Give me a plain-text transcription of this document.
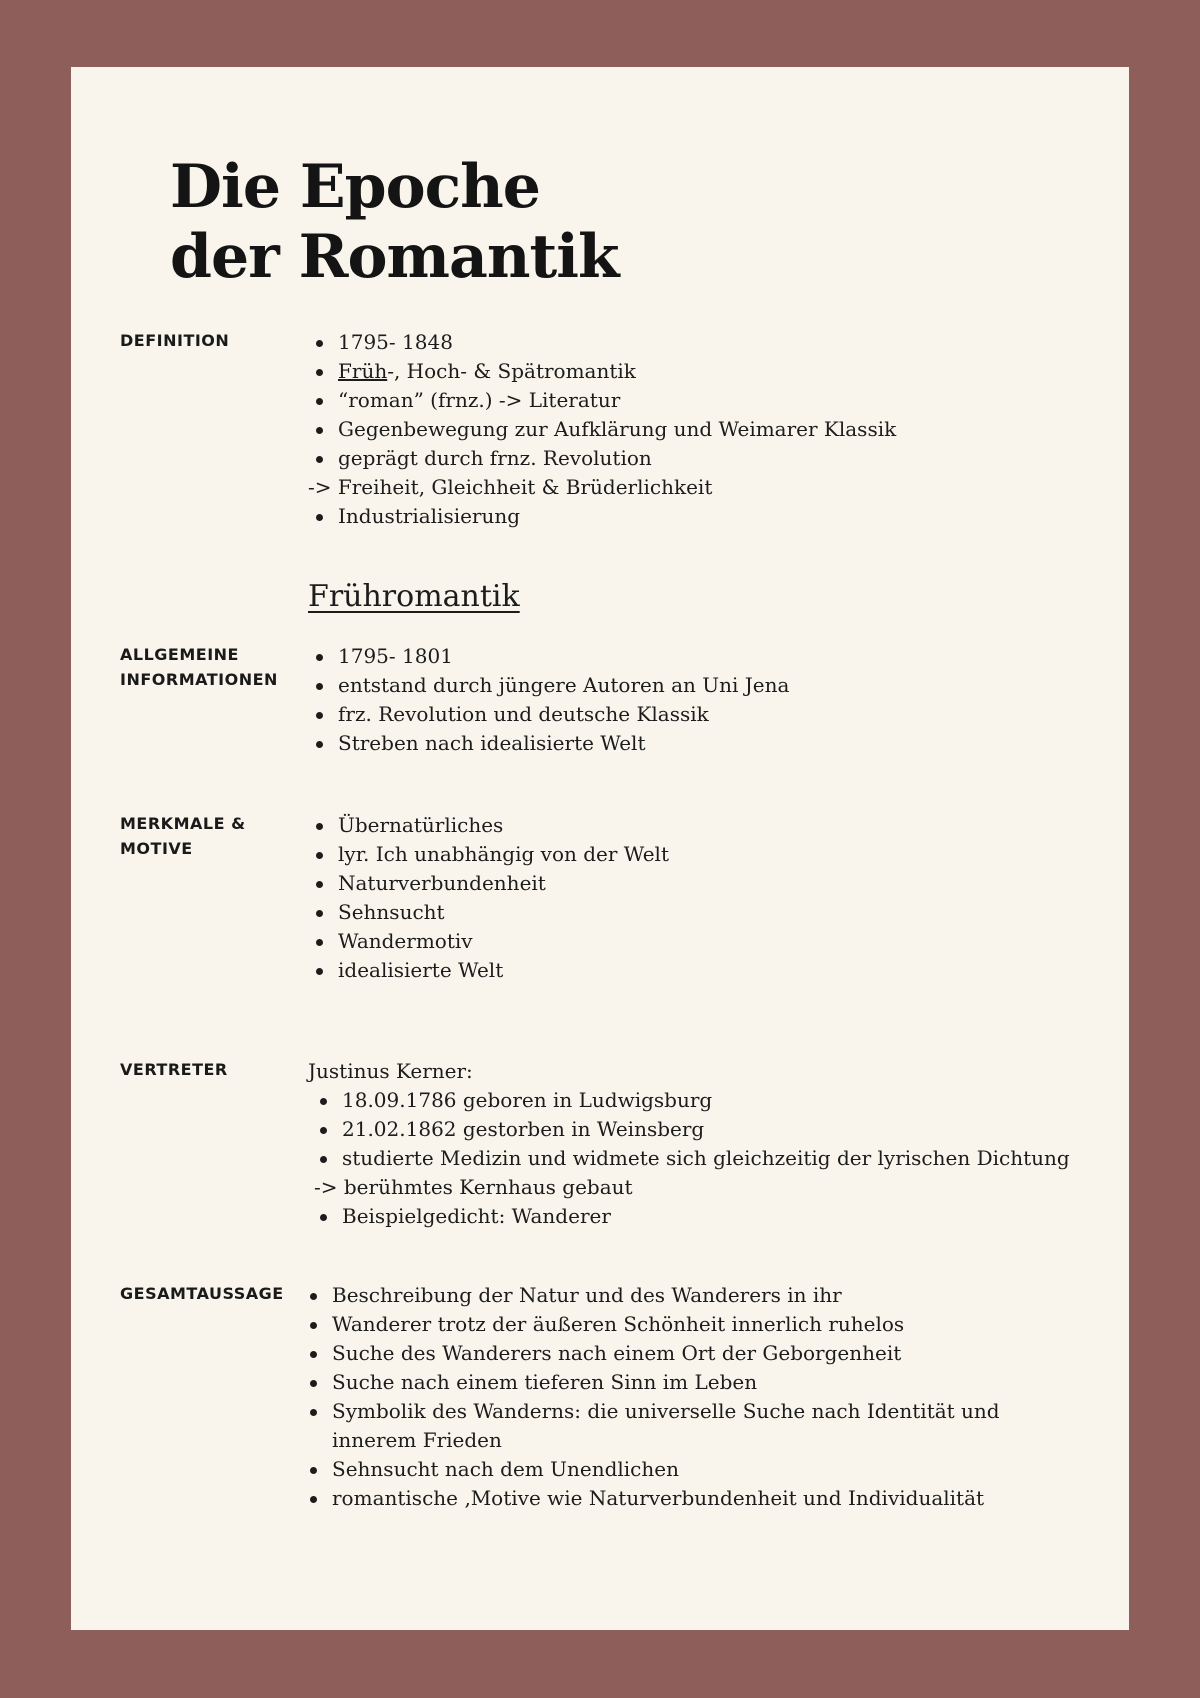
Die Epoche
der Romantik

DEFINITION	1795- 1848
Früh-, Hoch- & Spätromantik
“roman” (frnz.) -> Literatur
Gegenbewegung zur Aufklärung und Weimarer Klassik
geprägt durch frnz. Revolution
-> Freiheit, Gleichheit & Brüderlichkeit
Industrialisierung
Frühromantik

ALLGEMEINE
INFORMATIONEN

1795- 1801
entstand durch jüngere Autoren an Uni Jena
frz. Revolution und deutsche Klassik
Streben nach idealisierte Welt

MERKMALE &
MOTIVE

Übernatürliches
lyr. Ich unabhängig von der Welt
Naturverbundenheit
Sehnsucht
Wandermotiv
idealisierte Welt

VERTRETER	Justinus Kerner:
18.09.1786 geboren in Ludwigsburg
21.02.1862 gestorben in Weinsberg
studierte Medizin und widmete sich gleichzeitig der lyrischen Dichtung
-> berühmtes Kernhaus gebaut
Beispielgedicht: Wanderer

GESAMTAUSSAGE	Beschreibung der Natur und des Wanderers in ihr
Wanderer trotz der äußeren Schönheit innerlich ruhelos
Suche des Wanderers nach einem Ort der Geborgenheit
Suche nach einem tieferen Sinn im Leben
Symbolik des Wanderns: die universelle Suche nach Identität und innerem Frieden
Sehnsucht nach dem Unendlichen
romantische ‚Motive wie Naturverbundenheit und Individualität
